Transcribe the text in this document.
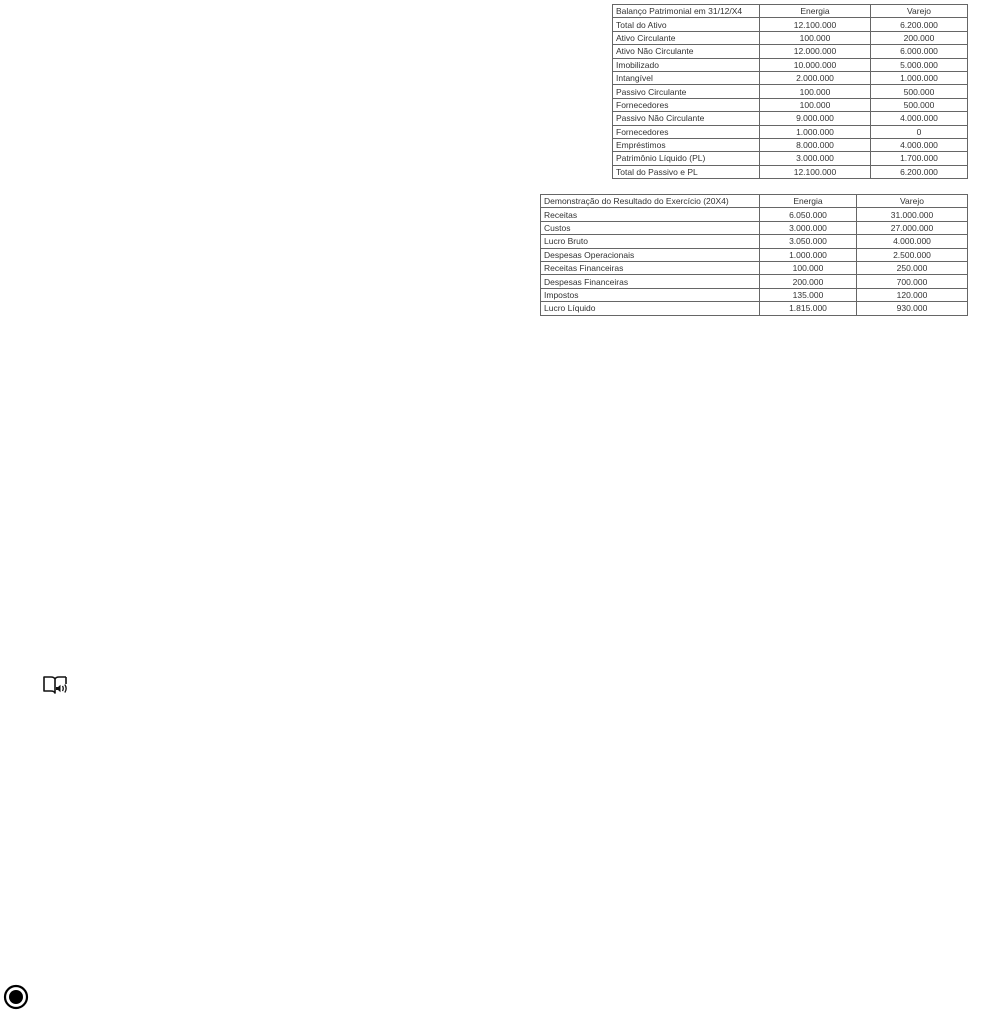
Balanço Patrimonial em 31/12/X4	Energia	Varejo
Total do Ativo	12.100.000	6.200.000
Ativo Circulante	100.000	200.000
Ativo Não Circulante	12.000.000	6.000.000
Imobilizado	10.000.000	5.000.000
Intangível	2.000.000	1.000.000
Passivo Circulante	100.000	500.000
Fornecedores	100.000	500.000
Passivo Não Circulante	9.000.000	4.000.000
Fornecedores	1.000.000	0
Empréstimos	8.000.000	4.000.000
Patrimônio Líquido (PL)	3.000.000	1.700.000
Total do Passivo e PL	12.100.000	6.200.000
Demonstração do Resultado do Exercício (20X4)	Energia	Varejo
Receitas	6.050.000	31.000.000
Custos	3.000.000	27.000.000
Lucro Bruto	3.050.000	4.000.000
Despesas Operacionais	1.000.000	2.500.000
Receitas Financeiras	100.000	250.000
Despesas Financeiras	200.000	700.000
Impostos	135.000	120.000
Lucro Líquido	1.815.000	930.000
